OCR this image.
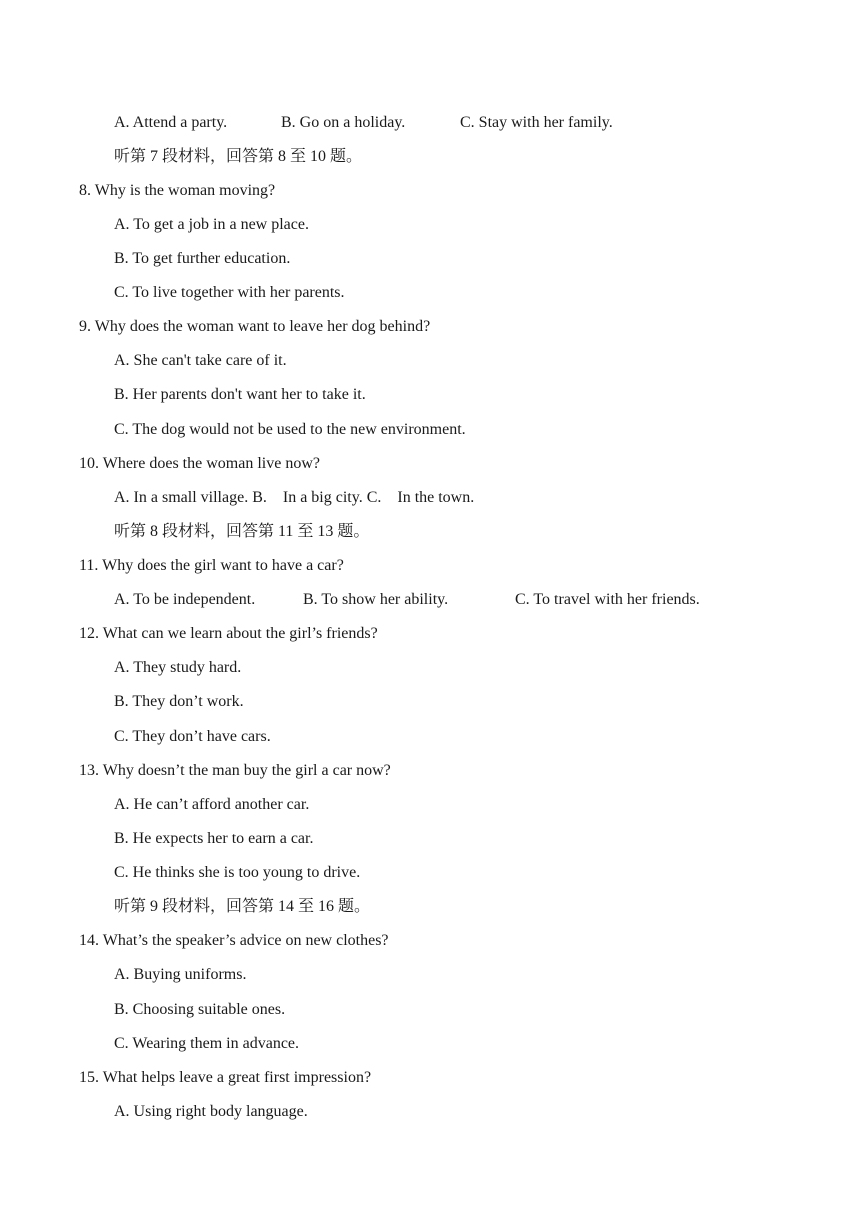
A. Attend a party.	B. Go on a holiday.	C. Stay with her family.
听第 7 段材料，回答第 8 至 10 题。
8. Why is the woman moving?
A. To get a job in a new place.
B. To get further education.
C. To live together with her parents.
9. Why does the woman want to leave her dog behind?
A. She can't take care of it.
B. Her parents don't want her to take it.
C. The dog would not be used to the new environment.
10. Where does the woman live now?
A. In a small village. B.    In a big city. C.    In the town.
听第 8 段材料，回答第 11 至 13 题。
11. Why does the girl want to have a car?
A. To be independent.	B. To show her ability.	C. To travel with her friends.
12. What can we learn about the girl’s friends?
A. They study hard.
B. They don’t work.
C. They don’t have cars.
13. Why doesn’t the man buy the girl a car now?
A. He can’t afford another car.
B. He expects her to earn a car.
C. He thinks she is too young to drive.
听第 9 段材料，回答第 14 至 16 题。
14. What’s the speaker’s advice on new clothes?
A. Buying uniforms.
B. Choosing suitable ones.
C. Wearing them in advance.
15. What helps leave a great first impression?
A. Using right body language.
